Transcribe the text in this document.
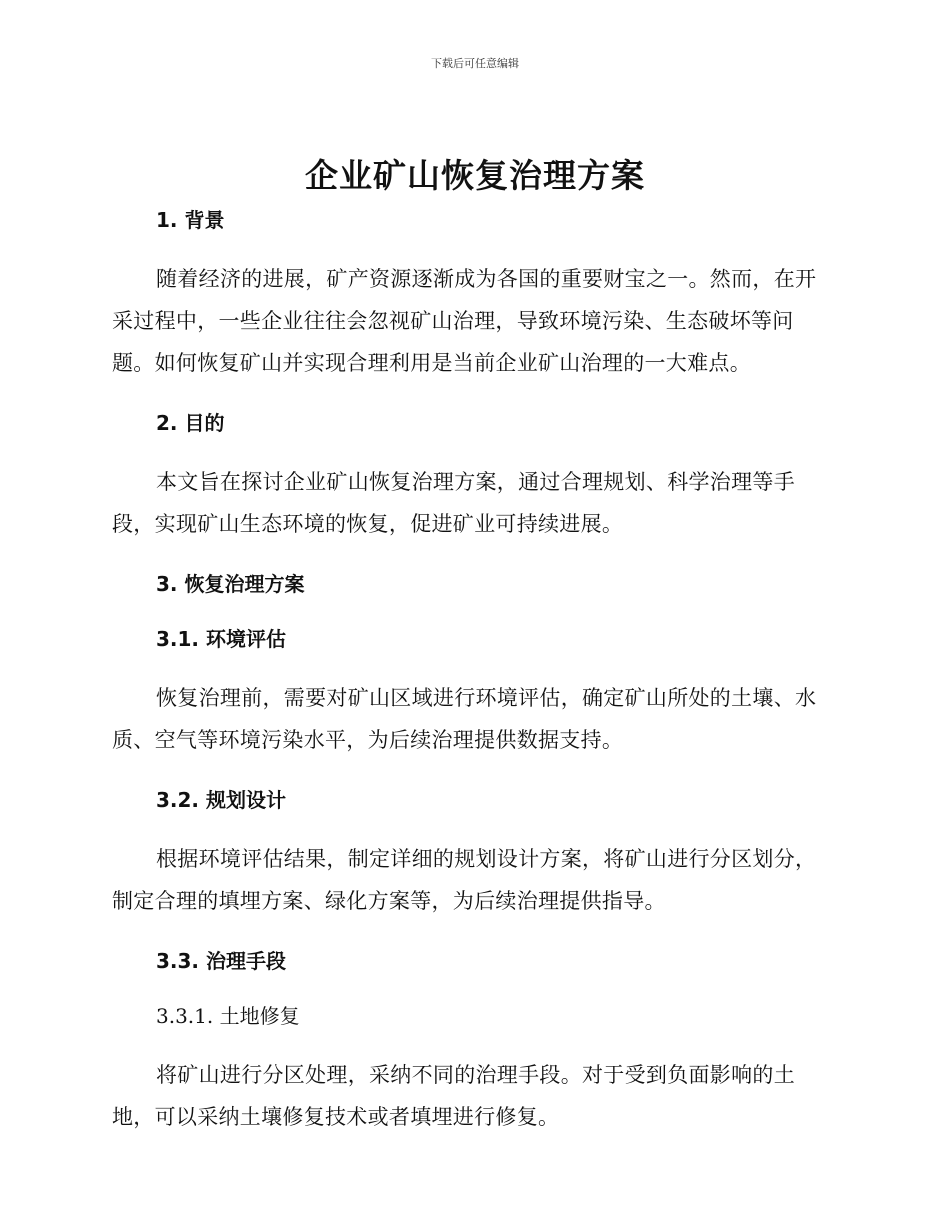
下载后可任意编辑
企业矿山恢复治理方案
1. 背景
随着经济的进展，矿产资源逐渐成为各国的重要财宝之一。然而，在开采过程中，一些企业往往会忽视矿山治理，导致环境污染、生态破坏等问题。如何恢复矿山并实现合理利用是当前企业矿山治理的一大难点。
2. 目的
本文旨在探讨企业矿山恢复治理方案，通过合理规划、科学治理等手段，实现矿山生态环境的恢复，促进矿业可持续进展。
3. 恢复治理方案
3.1. 环境评估
恢复治理前，需要对矿山区域进行环境评估，确定矿山所处的土壤、水质、空气等环境污染水平，为后续治理提供数据支持。
3.2. 规划设计
根据环境评估结果，制定详细的规划设计方案，将矿山进行分区划分，制定合理的填埋方案、绿化方案等，为后续治理提供指导。
3.3. 治理手段
3.3.1. 土地修复
将矿山进行分区处理，采纳不同的治理手段。对于受到负面影响的土地，可以采纳土壤修复技术或者填埋进行修复。
